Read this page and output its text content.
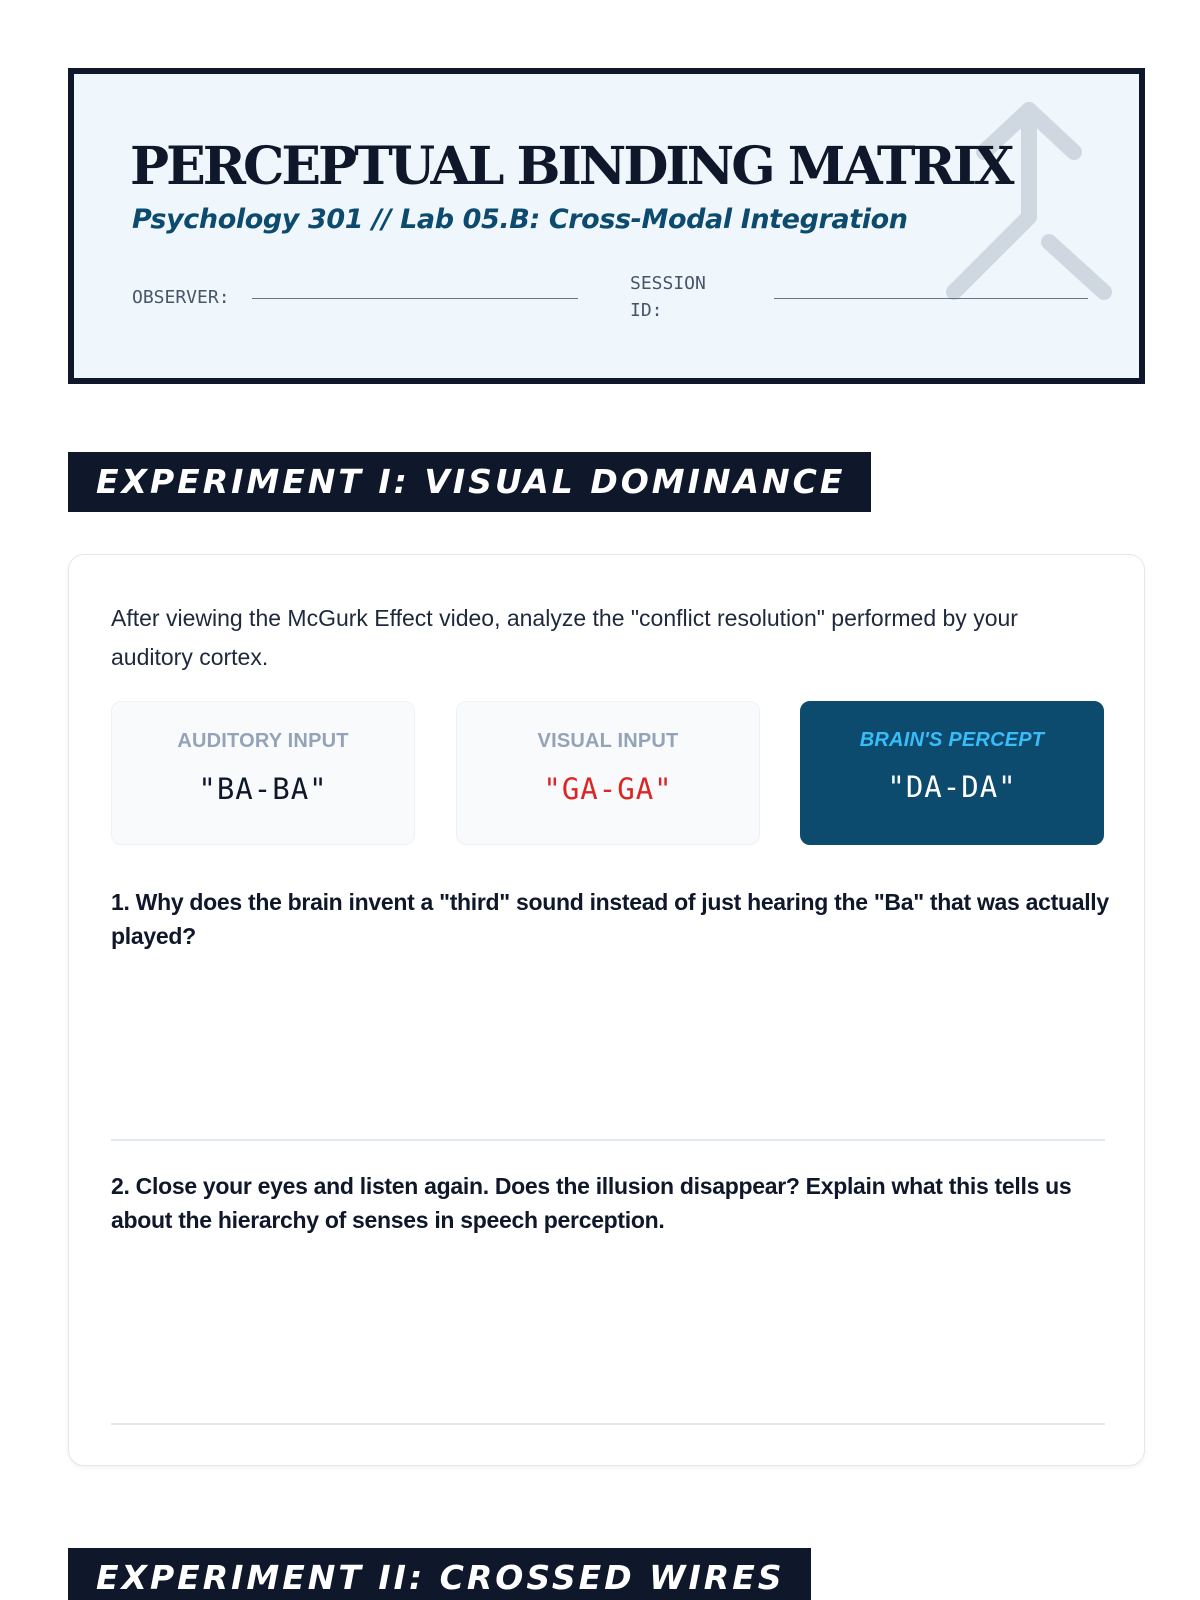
PERCEPTUAL BINDING MATRIX
Psychology 301 // Lab 05.B: Cross-Modal Integration
OBSERVER:
SESSION ID:
EXPERIMENT I: VISUAL DOMINANCE

After viewing the McGurk Effect video, analyze the "conflict resolution" performed by your auditory cortex.

AUDITORY INPUT
"BA-BA"
VISUAL INPUT
"GA-GA"
BRAIN'S PERCEPT
"DA-DA"
1. Why does the brain invent a "third" sound instead of just hearing the "Ba" that was actually played?
2. Close your eyes and listen again. Does the illusion disappear? Explain what this tells us about the hierarchy of senses in speech perception.
EXPERIMENT II: CROSSED WIRES
